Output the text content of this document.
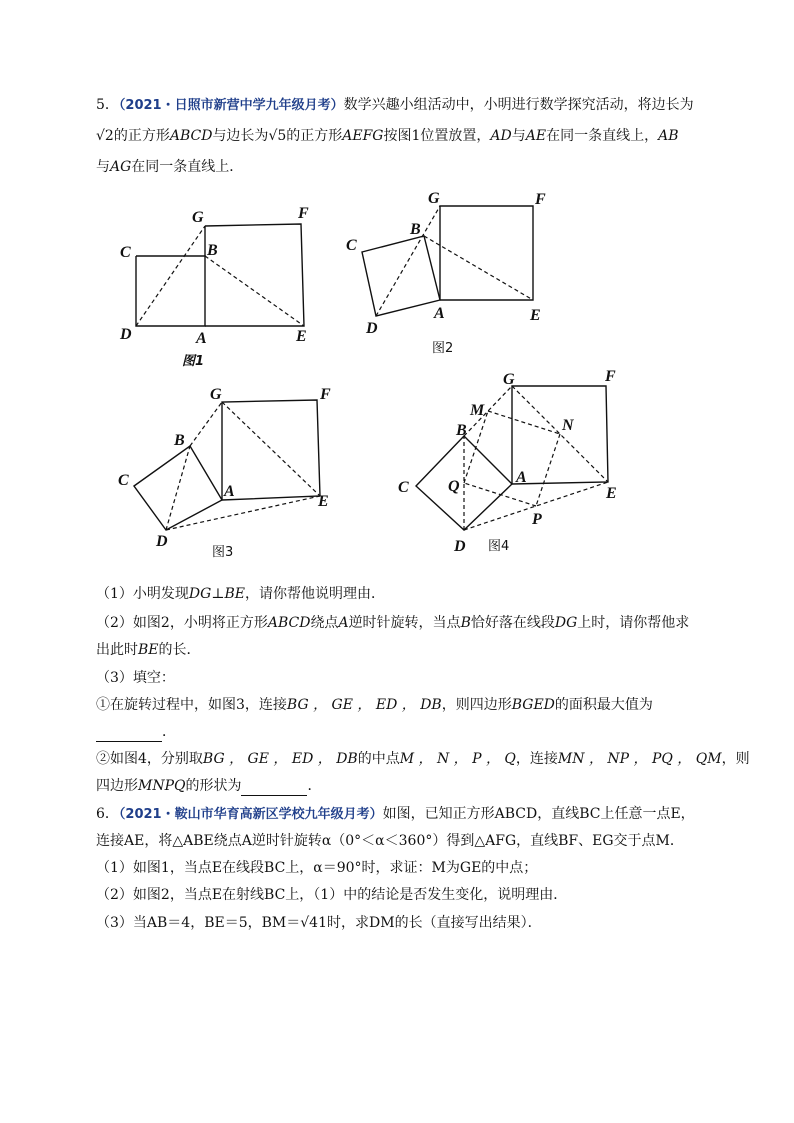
5．（2021・日照市新营中学九年级月考）数学兴趣小组活动中，小明进行数学探究活动，将边长为
√2的正方形ABCD与边长为√5的正方形AEFG按图1位置放置，AD与AE在同一条直线上，AB
与AG在同一条直线上．
G	F
C	B
D	A	E
图1
G	F
C
B
D
A	E
图2
G	F
B
C
A
E
D
图3
G	F
M
N
B
C Q
A
E
P
D 图4
（1）小明发现DG⊥BE，请你帮他说明理由．
（2）如图2，小明将正方形ABCD绕点A逆时针旋转，当点B恰好落在线段DG上时，请你帮他求
出此时BE的长．
（3）填空：
①在旋转过程中，如图3，连接BG ， GE ， ED ， DB，则四边形BGED的面积最大值为
．
②如图4，分别取BG ， GE ， ED ， DB的中点M ， N ， P ， Q，连接MN ， NP ， PQ ， QM，则
四边形MNPQ的形状为	．
6．（2021・鞍山市华育高新区学校九年级月考）如图，已知正方形ABCD，直线BC上任意一点E，
连接AE，将△ABE绕点A逆时针旋转α（0°＜α＜360°）得到△AFG，直线BF、EG交于点M．
（1）如图1，当点E在线段BC上，α＝90°时，求证：M为GE的中点；
（2）如图2，当点E在射线BC上，（1）中的结论是否发生变化，说明理由．
（3）当AB＝4，BE＝5，BM＝√41时，求DM的长（直接写出结果）．
